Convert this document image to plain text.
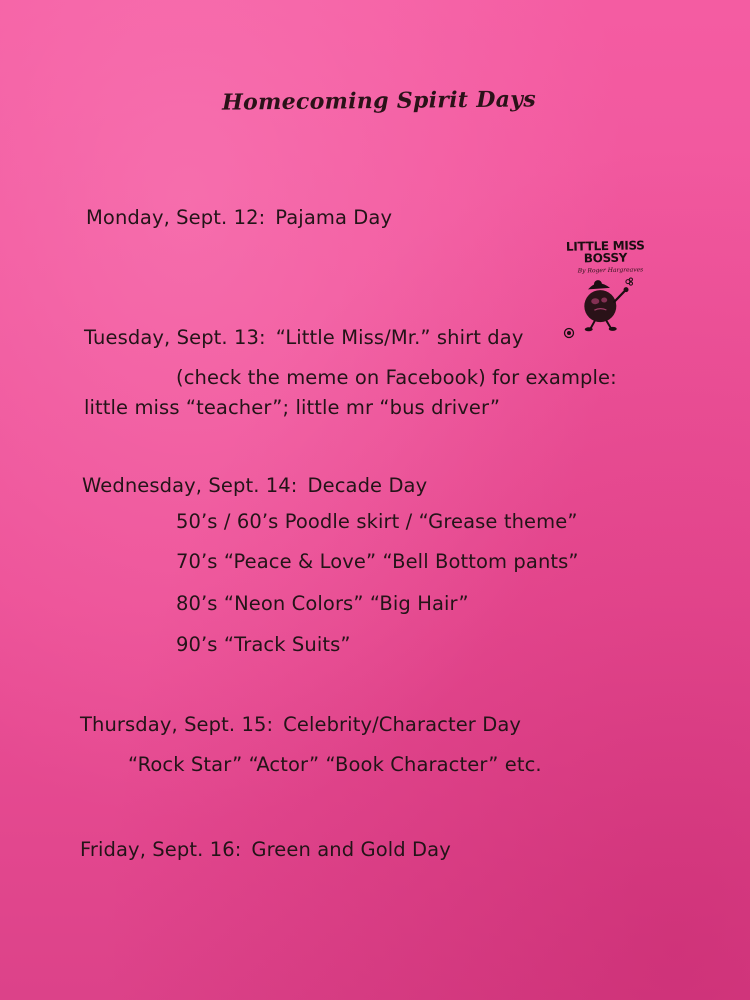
Homecoming Spirit Days
Monday, Sept. 12: Pajama Day
LITTLE MISS
BOSSY
By Roger Hargreaves
Tuesday, Sept. 13: “Little Miss/Mr.” shirt day
(check the meme on Facebook) for example:
little miss “teacher”; little mr “bus driver”
Wednesday, Sept. 14: Decade Day
50’s / 60’s Poodle skirt / “Grease theme”
70’s “Peace & Love” “Bell Bottom pants”
80’s “Neon Colors” “Big Hair”
90’s “Track Suits”
Thursday, Sept. 15: Celebrity/Character Day
“Rock Star” “Actor” “Book Character” etc.
Friday, Sept. 16: Green and Gold Day
